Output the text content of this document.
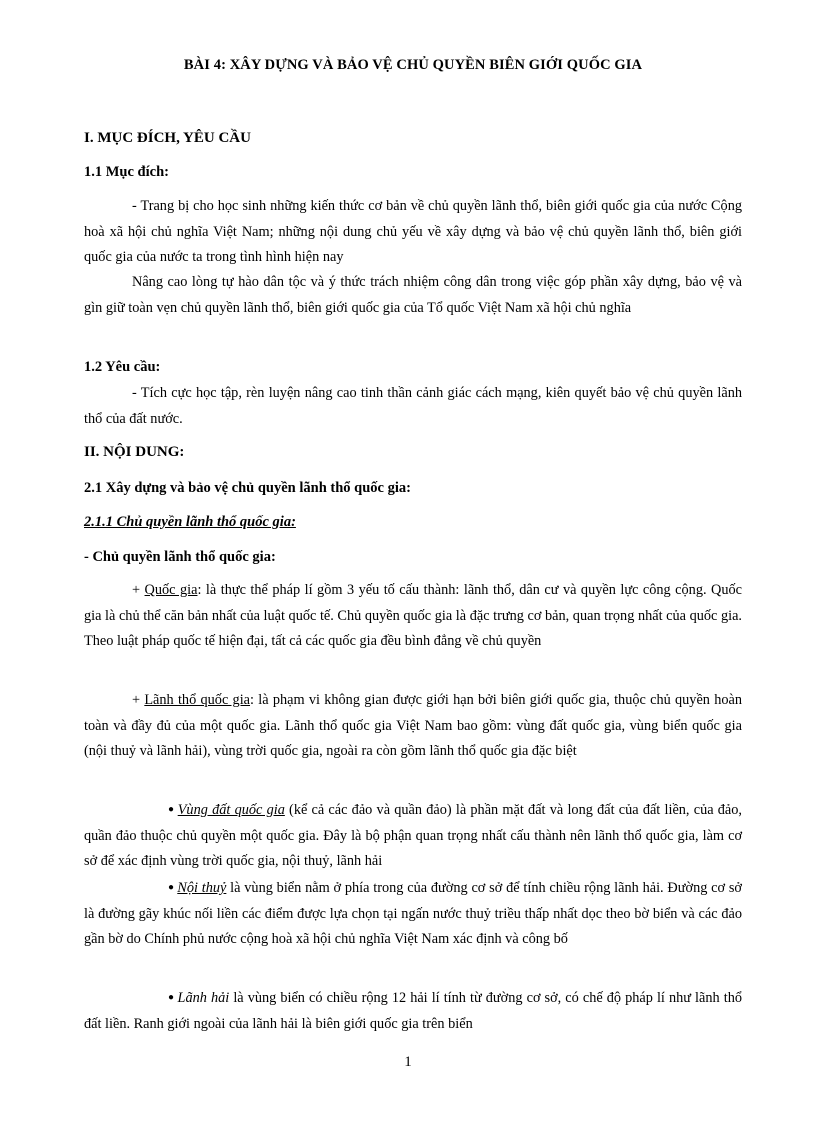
BÀI 4: XÂY DỰNG VÀ BẢO VỆ CHỦ QUYỀN BIÊN GIỚI QUỐC GIA
I. MỤC ĐÍCH, YÊU CẦU
1.1 Mục đích:
- Trang bị cho học sinh những kiến thức cơ bản về chủ quyền lãnh thổ, biên giới quốc gia của nước Cộng hoà xã hội chủ nghĩa Việt Nam; những nội dung chủ yếu về xây dựng và bảo vệ chủ quyền lãnh thổ, biên giới quốc gia của nước ta trong tình hình hiện nay
Nâng cao lòng tự hào dân tộc và ý thức trách nhiệm công dân trong việc góp phần xây dựng, bảo vệ và gìn giữ toàn vẹn chủ quyền lãnh thổ, biên giới quốc gia của Tổ quốc Việt Nam xã hội chủ nghĩa
1.2 Yêu cầu:
- Tích cực học tập, rèn luyện nâng cao tinh thần cảnh giác cách mạng, kiên quyết bảo vệ chủ quyền lãnh thổ của đất nước.
II. NỘI DUNG:
2.1 Xây dựng và bảo vệ chủ quyền lãnh thổ quốc gia:
2.1.1 Chủ quyền lãnh thổ quốc gia:
- Chủ quyền lãnh thổ quốc gia:
+ Quốc gia: là thực thể pháp lí gồm 3 yếu tố cấu thành: lãnh thổ, dân cư và quyền lực công cộng. Quốc gia là chủ thể căn bản nhất của luật quốc tế. Chủ quyền quốc gia là đặc trưng cơ bản, quan trọng nhất của quốc gia. Theo luật pháp quốc tế hiện đại, tất cả các quốc gia đều bình đẳng về chủ quyền
+ Lãnh thổ quốc gia: là phạm vi không gian được giới hạn bởi biên giới quốc gia, thuộc chủ quyền hoàn toàn và đầy đủ của một quốc gia. Lãnh thổ quốc gia Việt Nam bao gồm: vùng đất quốc gia, vùng biển quốc gia (nội thuỷ và lãnh hải), vùng trời quốc gia, ngoài ra còn gồm lãnh thổ quốc gia đặc biệt
● Vùng đất quốc gia (kể cả các đảo và quần đảo) là phần mặt đất và long đất của đất liền, của đảo, quần đảo thuộc chủ quyền một quốc gia. Đây là bộ phận quan trọng nhất cấu thành nên lãnh thổ quốc gia, làm cơ sở để xác định vùng trời quốc gia, nội thuỷ, lãnh hải
● Nội thuỷ là vùng biển nằm ở phía trong của đường cơ sở để tính chiều rộng lãnh hải. Đường cơ sở là đường gãy khúc nối liền các điểm được lựa chọn tại ngấn nước thuỷ triều thấp nhất dọc theo bờ biển và các đảo gần bờ do Chính phủ nước cộng hoà xã hội chủ nghĩa Việt Nam xác định và công bố
● Lãnh hải là vùng biển có chiều rộng 12 hải lí tính từ đường cơ sở, có chế độ pháp lí như lãnh thổ đất liền. Ranh giới ngoài của lãnh hải là biên giới quốc gia trên biển
1
